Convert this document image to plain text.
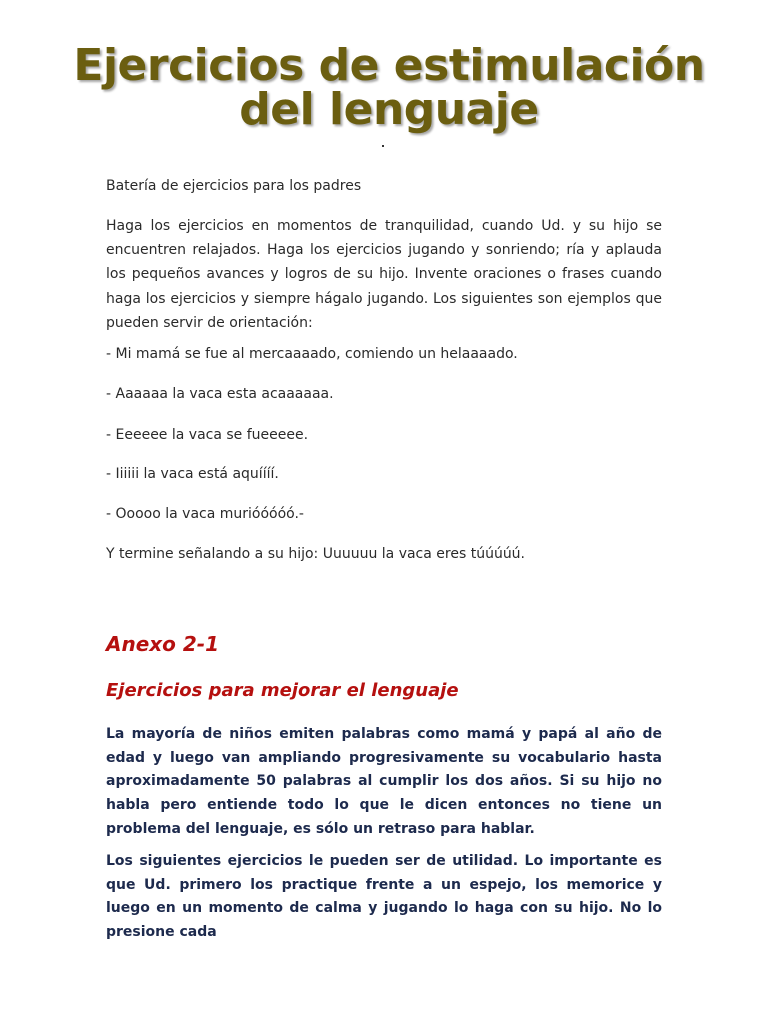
Ejercicios de estimulación
del lenguaje

Batería de ejercicios para los padres

Haga los ejercicios en momentos de tranquilidad, cuando Ud. y su hijo se encuentren relajados. Haga los ejercicios jugando y sonriendo; ría y aplauda los pequeños avances y logros de su hijo. Invente oraciones o frases cuando haga los ejercicios y siempre hágalo jugando. Los siguientes son ejemplos que pueden servir de orientación:

- Mi mamá se fue al mercaaaado, comiendo un helaaaado.

- Aaaaaa la vaca esta acaaaaaa.

- Eeeeee la vaca se fueeeee.

- Iiiiii la vaca está aquíííí.

- Ooooo la vaca murióóóóó.-

Y termine señalando a su hijo: Uuuuuu la vaca eres túúúúú.

Anexo 2-1
Ejercicios para mejorar el lenguaje

La mayoría de niños emiten palabras como mamá y papá al año de edad y luego van ampliando progresivamente su vocabulario hasta aproximadamente 50 palabras al cumplir los dos años. Si su hijo no habla pero entiende todo lo que le dicen entonces no tiene un problema del lenguaje, es sólo un retraso para hablar.

Los siguientes ejercicios le pueden ser de utilidad. Lo importante es que Ud. primero los practique frente a un espejo, los memorice y luego en un momento de calma y jugando lo haga con su hijo. No lo presione cada
